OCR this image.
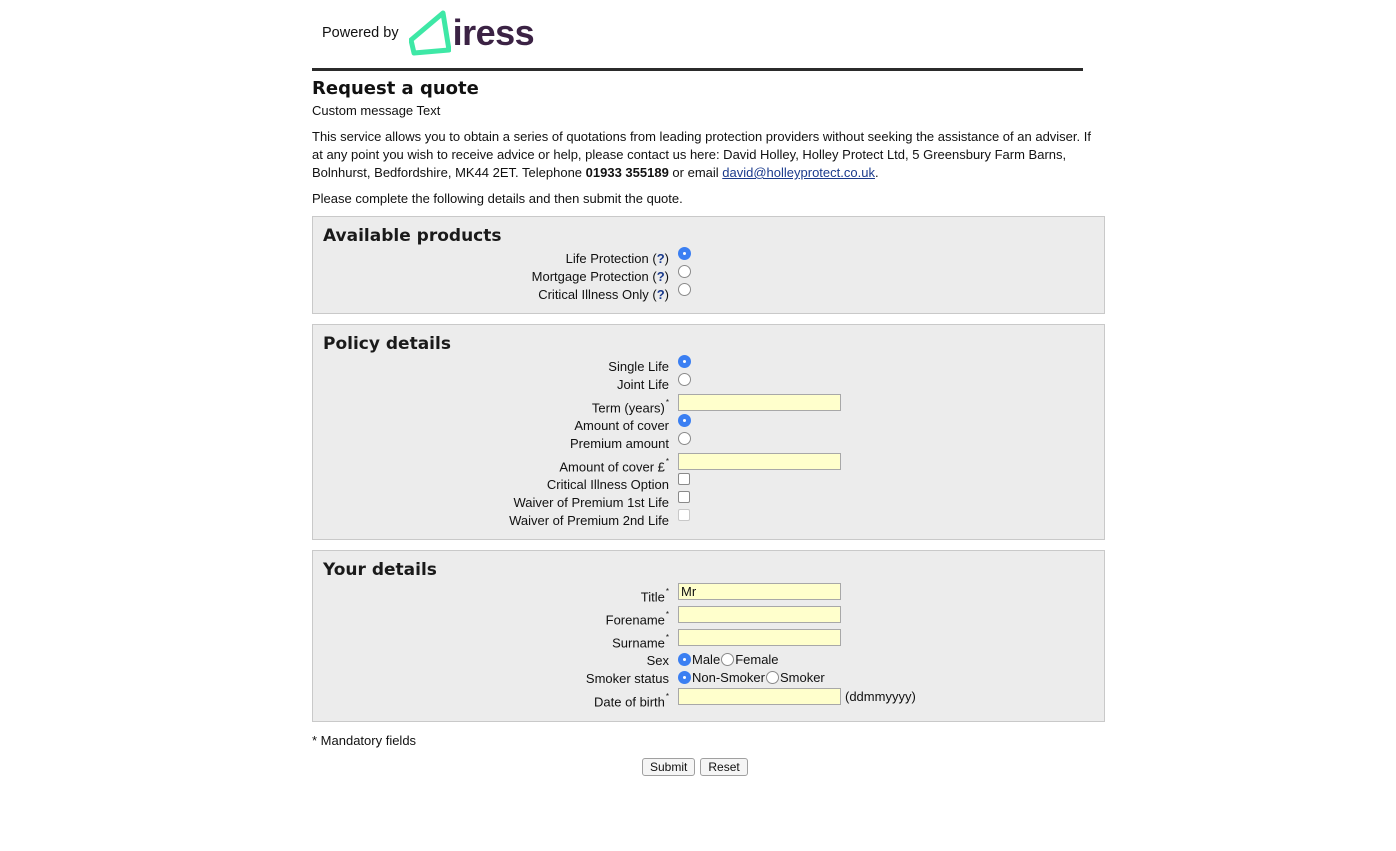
Powered by iress
Request a quote
Custom message Text
This service allows you to obtain a series of quotations from leading protection providers without seeking the assistance of an adviser. If at any point you wish to receive advice or help, please contact us here: David Holley, Holley Protect Ltd, 5 Greensbury Farm Barns, Bolnhurst, Bedfordshire, MK44 2ET. Telephone 01933 355189 or email david@holleyprotect.co.uk.
Please complete the following details and then submit the quote.
Available products
Life Protection (?)
Mortgage Protection (?)
Critical Illness Only (?)
Policy details
Single Life
Joint Life
Term (years)*
Amount of cover
Premium amount
Amount of cover £*
Critical Illness Option
Waiver of Premium 1st Life
Waiver of Premium 2nd Life
Your details
Title*
Mr
Forename*
Surname*
Sex Male Female
Smoker status Non-Smoker Smoker
Date of birth*	(ddmmyyyy)
* Mandatory fields
Submit	Reset
